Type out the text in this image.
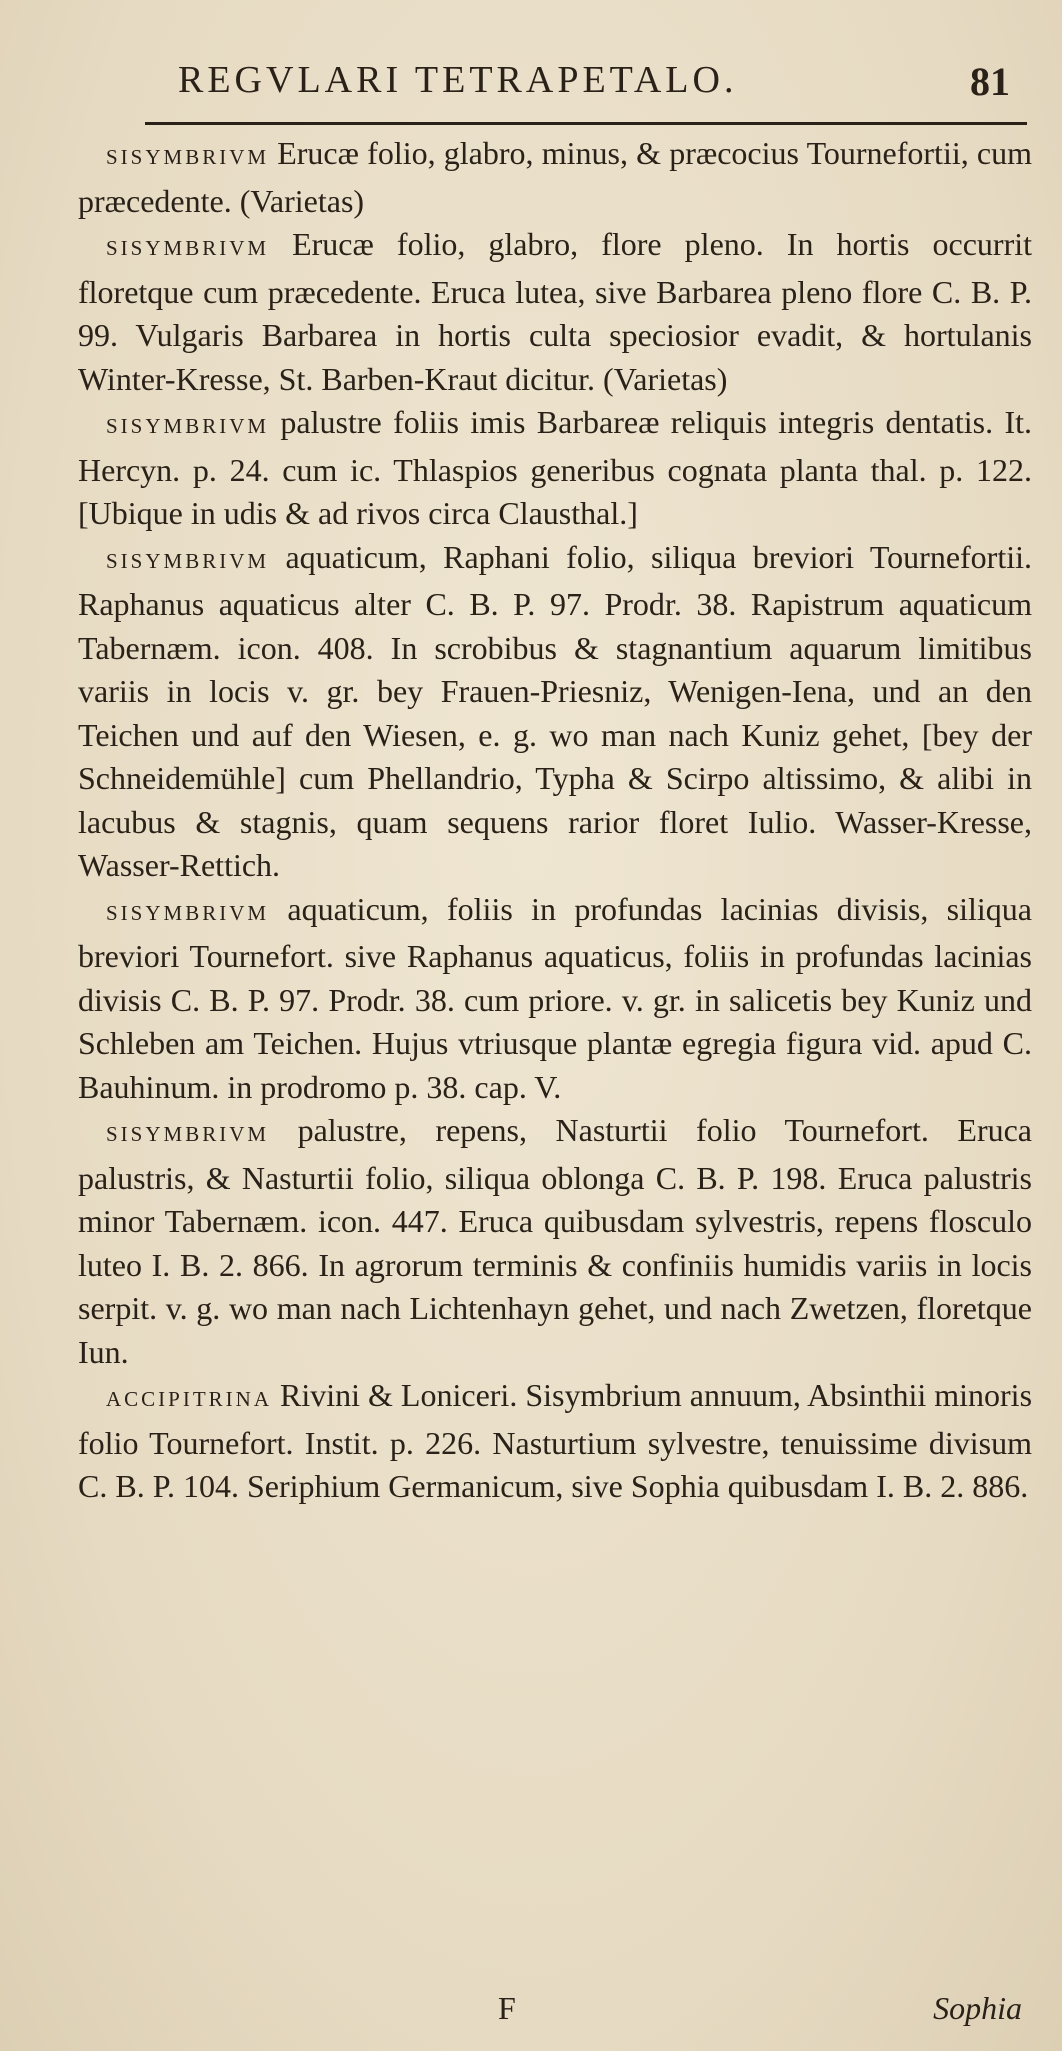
REGVLARI TETRAPETALO.	81

SISYMBRIVM Erucæ folio, glabro, minus, & præcocius Tournefortii, cum præcedente. (Varietas)

SISYMBRIVM Erucæ folio, glabro, flore pleno. In hortis occurrit floretque cum præcedente. Eruca lutea, sive Barbarea pleno flore C. B. P. 99. Vulgaris Barbarea in hortis culta speciosior evadit, & hortulanis Winter-Kresse, St. Barben-Kraut dicitur. (Varietas)

SISYMBRIVM palustre foliis imis Barbareæ reliquis integris dentatis. It. Hercyn. p. 24. cum ic. Thlaspios generibus cognata planta thal. p. 122. [Ubique in udis & ad rivos circa Clausthal.]

SISYMBRIVM aquaticum, Raphani folio, siliqua breviori Tournefortii. Raphanus aquaticus alter C. B. P. 97. Prodr. 38. Rapistrum aquaticum Tabernæm. icon. 408. In scrobibus & stagnantium aquarum limitibus variis in locis v. gr. bey Frauen-Priesniz, Wenigen-Iena, und an den Teichen und auf den Wiesen, e. g. wo man nach Kuniz gehet, [bey der Schneidemühle] cum Phellandrio, Typha & Scirpo altissimo, & alibi in lacubus & stagnis, quam sequens rarior floret Iulio. Wasser-Kresse, Wasser-Rettich.

SISYMBRIVM aquaticum, foliis in profundas lacinias divisis, siliqua breviori Tournefort. sive Raphanus aquaticus, foliis in profundas lacinias divisis C. B. P. 97. Prodr. 38. cum priore. v. gr. in salicetis bey Kuniz und Schleben am Teichen. Hujus vtriusque plantæ egregia figura vid. apud C. Bauhinum. in prodromo p. 38. cap. V.

SISYMBRIVM palustre, repens, Nasturtii folio Tournefort. Eruca palustris, & Nasturtii folio, siliqua oblonga C. B. P. 198. Eruca palustris minor Tabernæm. icon. 447. Eruca quibusdam sylvestris, repens flosculo luteo I. B. 2. 866. In agrorum terminis & confiniis humidis variis in locis serpit. v. g. wo man nach Lichtenhayn gehet, und nach Zwetzen, floretque Iun.

ACCIPITRINA Rivini & Loniceri. Sisymbrium annuum, Absinthii minoris folio Tournefort. Instit. p. 226. Nasturtium sylvestre, tenuissime divisum C. B. P. 104. Seriphium Germanicum, sive Sophia quibusdam I. B. 2. 886.

F	Sophia
